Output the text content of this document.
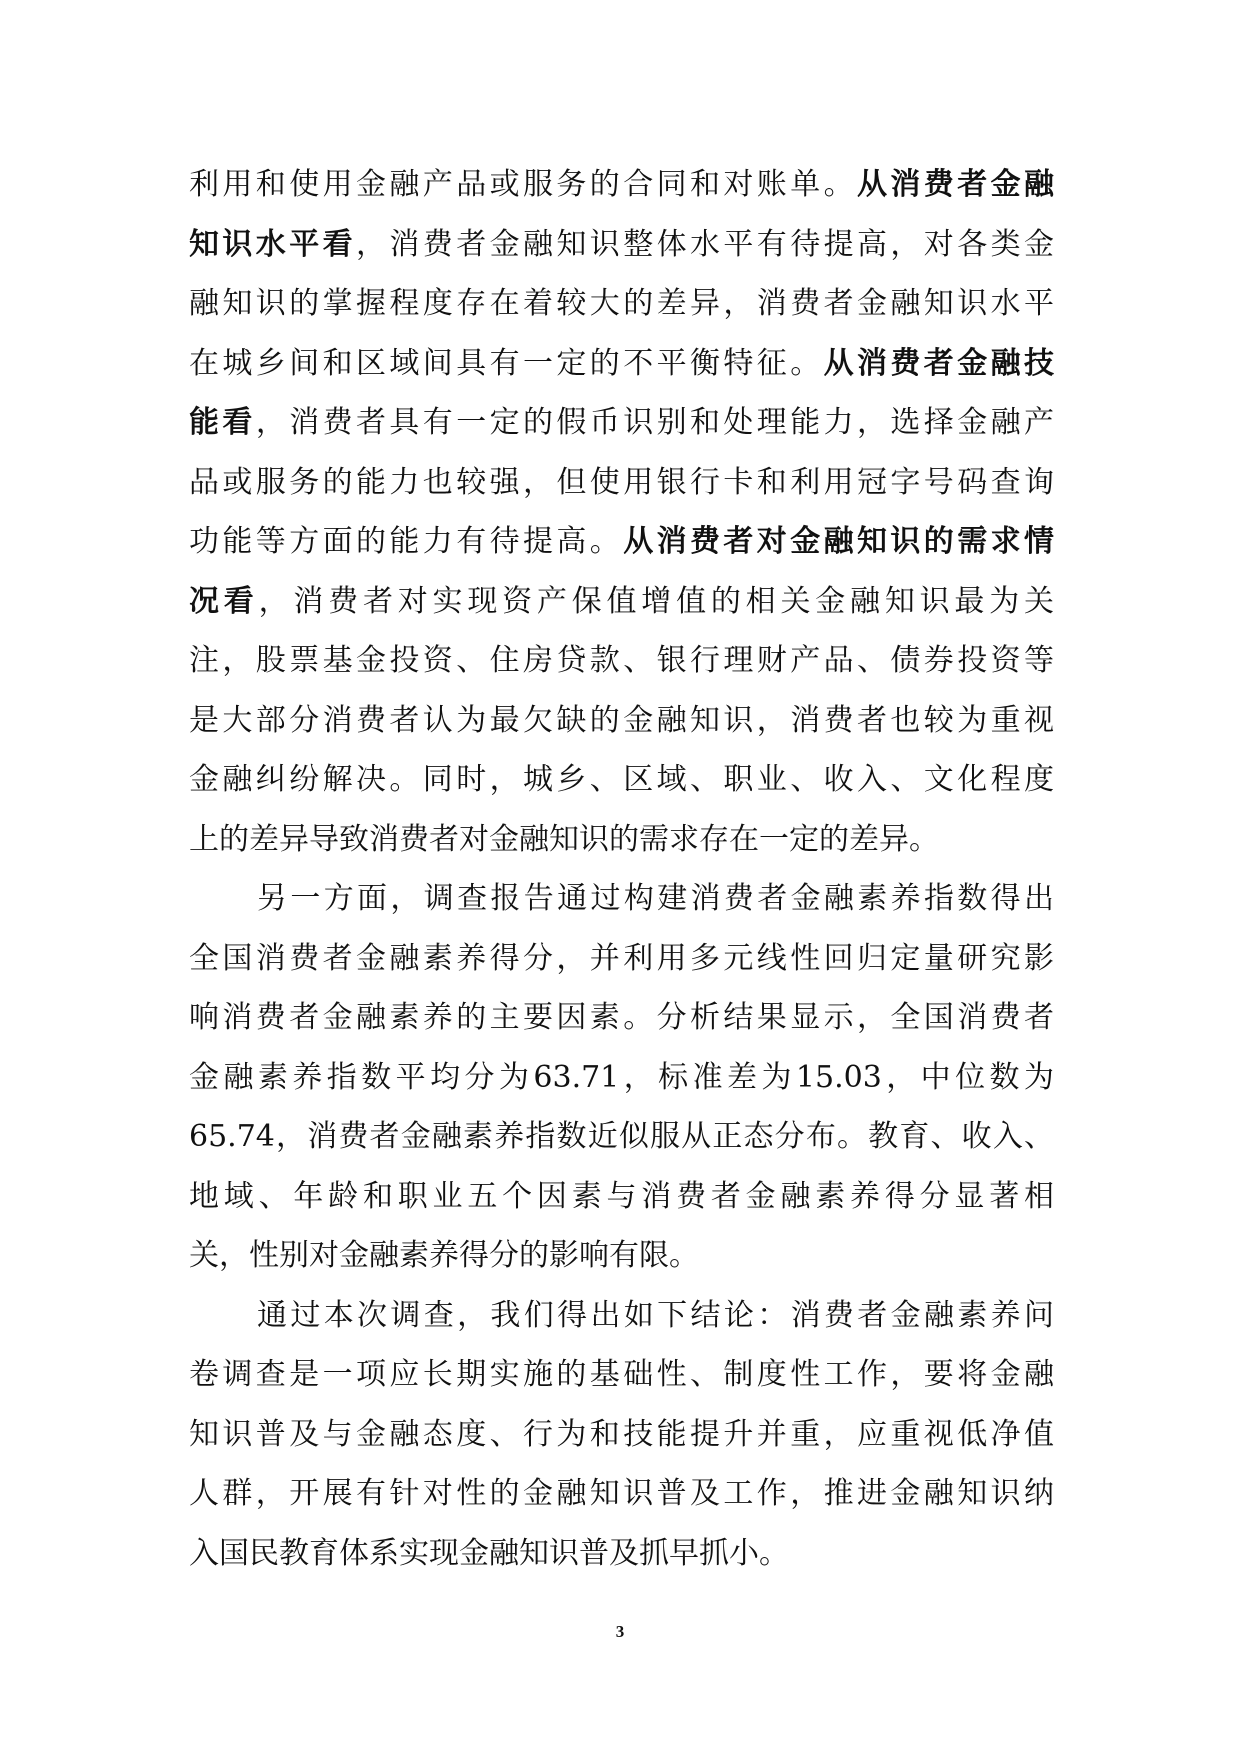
利用和使用金融产品或服务的合同和对账单。从消费者金融
知识水平看，消费者金融知识整体水平有待提高，对各类金
融知识的掌握程度存在着较大的差异，消费者金融知识水平
在城乡间和区域间具有一定的不平衡特征。从消费者金融技
能看，消费者具有一定的假币识别和处理能力，选择金融产
品或服务的能力也较强，但使用银行卡和利用冠字号码查询
功能等方面的能力有待提高。从消费者对金融知识的需求情
况看，消费者对实现资产保值增值的相关金融知识最为关
注，股票基金投资、住房贷款、银行理财产品、债券投资等
是大部分消费者认为最欠缺的金融知识，消费者也较为重视
金融纠纷解决。同时，城乡、区域、职业、收入、文化程度
上的差异导致消费者对金融知识的需求存在一定的差异。
另一方面，调查报告通过构建消费者金融素养指数得出
全国消费者金融素养得分，并利用多元线性回归定量研究影
响消费者金融素养的主要因素。分析结果显示，全国消费者
金融素养指数平均分为63.71，标准差为15.03，中位数为
65.74，消费者金融素养指数近似服从正态分布。教育、收入、
地域、年龄和职业五个因素与消费者金融素养得分显著相
关，性别对金融素养得分的影响有限。
通过本次调查，我们得出如下结论：消费者金融素养问
卷调查是一项应长期实施的基础性、制度性工作，要将金融
知识普及与金融态度、行为和技能提升并重，应重视低净值
人群，开展有针对性的金融知识普及工作，推进金融知识纳
入国民教育体系实现金融知识普及抓早抓小。
3
